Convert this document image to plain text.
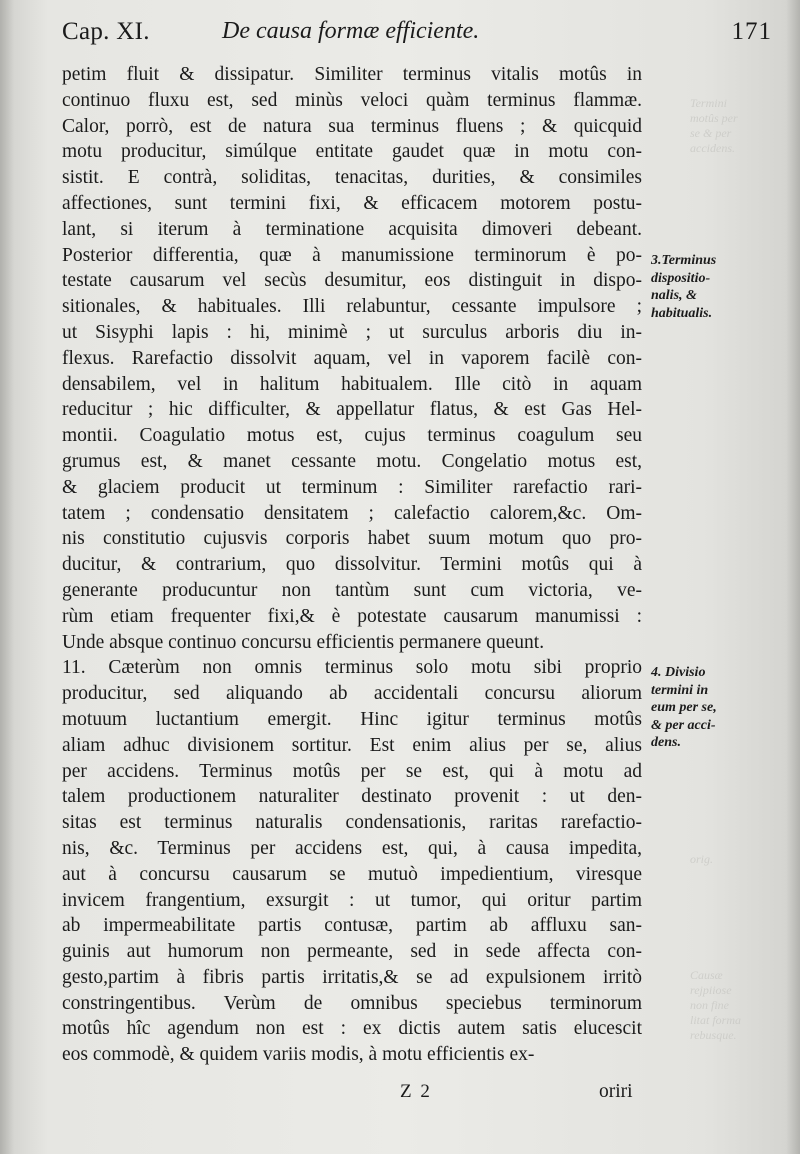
Cap. XI.	De causa formæ efficiente.	171
petim fluit & dissipatur. Similiter terminus vitalis motûs in
continuo fluxu est, sed minùs veloci quàm terminus flammæ.
Calor, porrò, est de natura sua terminus fluens ; & quicquid
motu producitur, simúlque entitate gaudet quæ in motu con-
sistit. E contrà, soliditas, tenacitas, durities, & consimiles
affectiones, sunt termini fixi, & efficacem motorem postu-
lant, si iterum à terminatione acquisita dimoveri debeant.
Posterior differentia, quæ à manumissione terminorum è po-
testate causarum vel secùs desumitur, eos distinguit in dispo-
sitionales, & habituales. Illi relabuntur, cessante impulsore ;
ut Sisyphi lapis : hi, minimè ; ut surculus arboris diu in-
flexus. Rarefactio dissolvit aquam, vel in vaporem facilè con-
densabilem, vel in halitum habitualem. Ille citò in aquam
reducitur ; hic difficulter, & appellatur flatus, & est Gas Hel-
montii. Coagulatio motus est, cujus terminus coagulum seu
grumus est, & manet cessante motu. Congelatio motus est,
& glaciem producit ut terminum : Similiter rarefactio rari-
tatem ; condensatio densitatem ; calefactio calorem,&c. Om-
nis constitutio cujusvis corporis habet suum motum quo pro-
ducitur, & contrarium, quo dissolvitur. Termini motûs qui à
generante producuntur non tantùm sunt cum victoria, ve-
rùm etiam frequenter fixi,& è potestate causarum manumissi :
Unde absque continuo concursu efficientis permanere queunt.
11. Cæterùm non omnis terminus solo motu sibi proprio
producitur, sed aliquando ab accidentali concursu aliorum
motuum luctantium emergit. Hinc igitur terminus motûs
aliam adhuc divisionem sortitur. Est enim alius per se, alius
per accidens. Terminus motûs per se est, qui à motu ad
talem productionem naturaliter destinato provenit : ut den-
sitas est terminus naturalis condensationis, raritas rarefactio-
nis, &c. Terminus per accidens est, qui, à causa impedita,
aut à concursu causarum se mutuò impedientium, viresque
invicem frangentium, exsurgit : ut tumor, qui oritur partim
ab impermeabilitate partis contusæ, partim ab affluxu san-
guinis aut humorum non permeante, sed in sede affecta con-
gesto,partim à fibris partis irritatis,& se ad expulsionem irritò
constringentibus. Verùm de omnibus speciebus terminorum
motûs hîc agendum non est : ex dictis autem satis elucescit
eos commodè, & quidem variis modis, à motu efficientis ex-
3.Terminus
dispositio-
nalis, &
habitualis.
4. Divisio
termini in
eum per se,
& per acci-
dens.
Termini
motûs per
se & per
accidens.
orig.
Causæ
rejpiiose
non fine
litat forma
rebusque.
Z 2	oriri
